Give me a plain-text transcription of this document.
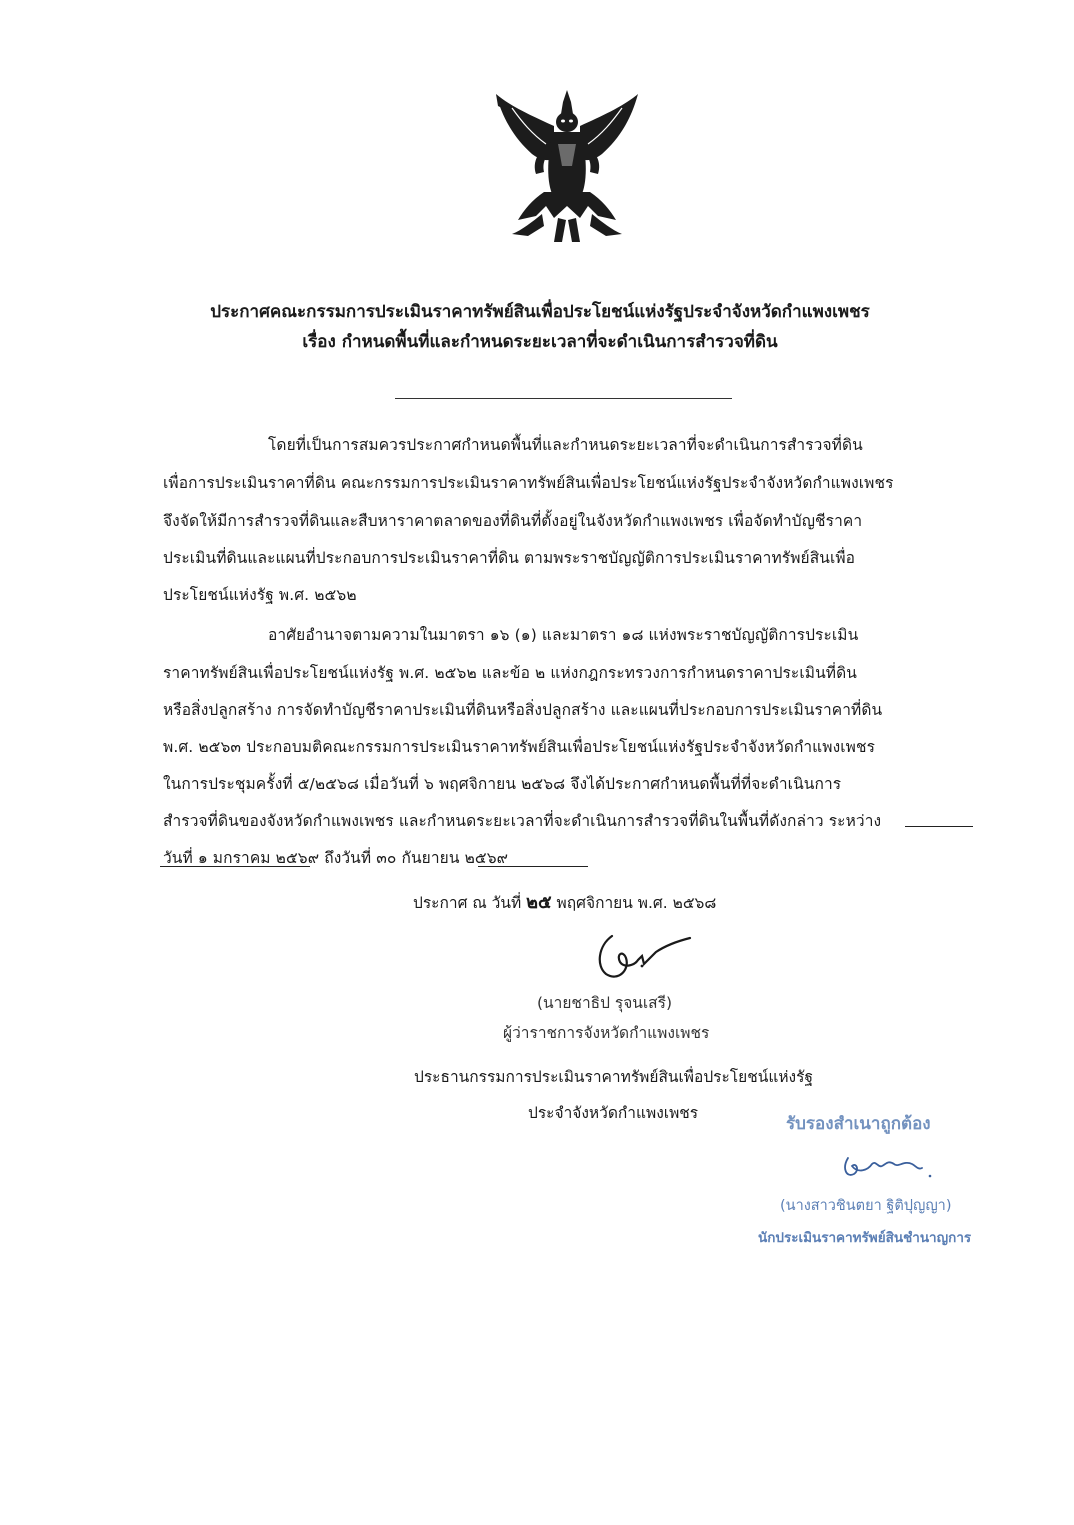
ประกาศคณะกรรมการประเมินราคาทรัพย์สินเพื่อประโยชน์แห่งรัฐประจำจังหวัดกำแพงเพชร
เรื่อง กำหนดพื้นที่และกำหนดระยะเวลาที่จะดำเนินการสำรวจที่ดิน
โดยที่เป็นการสมควรประกาศกำหนดพื้นที่และกำหนดระยะเวลาที่จะดำเนินการสำรวจที่ดิน
เพื่อการประเมินราคาที่ดิน คณะกรรมการประเมินราคาทรัพย์สินเพื่อประโยชน์แห่งรัฐประจำจังหวัดกำแพงเพชร
จึงจัดให้มีการสำรวจที่ดินและสืบหาราคาตลาดของที่ดินที่ตั้งอยู่ในจังหวัดกำแพงเพชร เพื่อจัดทำบัญชีราคา
ประเมินที่ดินและแผนที่ประกอบการประเมินราคาที่ดิน ตามพระราชบัญญัติการประเมินราคาทรัพย์สินเพื่อ
ประโยชน์แห่งรัฐ พ.ศ. ๒๕๖๒
อาศัยอำนาจตามความในมาตรา ๑๖ (๑) และมาตรา ๑๘ แห่งพระราชบัญญัติการประเมิน
ราคาทรัพย์สินเพื่อประโยชน์แห่งรัฐ พ.ศ. ๒๕๖๒ และข้อ ๒ แห่งกฎกระทรวงการกำหนดราคาประเมินที่ดิน
หรือสิ่งปลูกสร้าง การจัดทำบัญชีราคาประเมินที่ดินหรือสิ่งปลูกสร้าง และแผนที่ประกอบการประเมินราคาที่ดิน
พ.ศ. ๒๕๖๓ ประกอบมติคณะกรรมการประเมินราคาทรัพย์สินเพื่อประโยชน์แห่งรัฐประจำจังหวัดกำแพงเพชร
ในการประชุมครั้งที่ ๕/๒๕๖๘ เมื่อวันที่ ๖ พฤศจิกายน ๒๕๖๘ จึงได้ประกาศกำหนดพื้นที่ที่จะดำเนินการ
สำรวจที่ดินของจังหวัดกำแพงเพชร และกำหนดระยะเวลาที่จะดำเนินการสำรวจที่ดินในพื้นที่ดังกล่าว ระหว่าง
วันที่ ๑ มกราคม ๒๕๖๙ ถึงวันที่ ๓๐ กันยายน ๒๕๖๙
ประกาศ ณ วันที่ ๒๕ พฤศจิกายน พ.ศ. ๒๕๖๘
(นายชาธิป รุจนเสรี)
ผู้ว่าราชการจังหวัดกำแพงเพชร
ประธานกรรมการประเมินราคาทรัพย์สินเพื่อประโยชน์แห่งรัฐ
ประจำจังหวัดกำแพงเพชร
รับรองสำเนาถูกต้อง
(นางสาวชินตยา ฐิติปุญญา)
นักประเมินราคาทรัพย์สินชำนาญการ
